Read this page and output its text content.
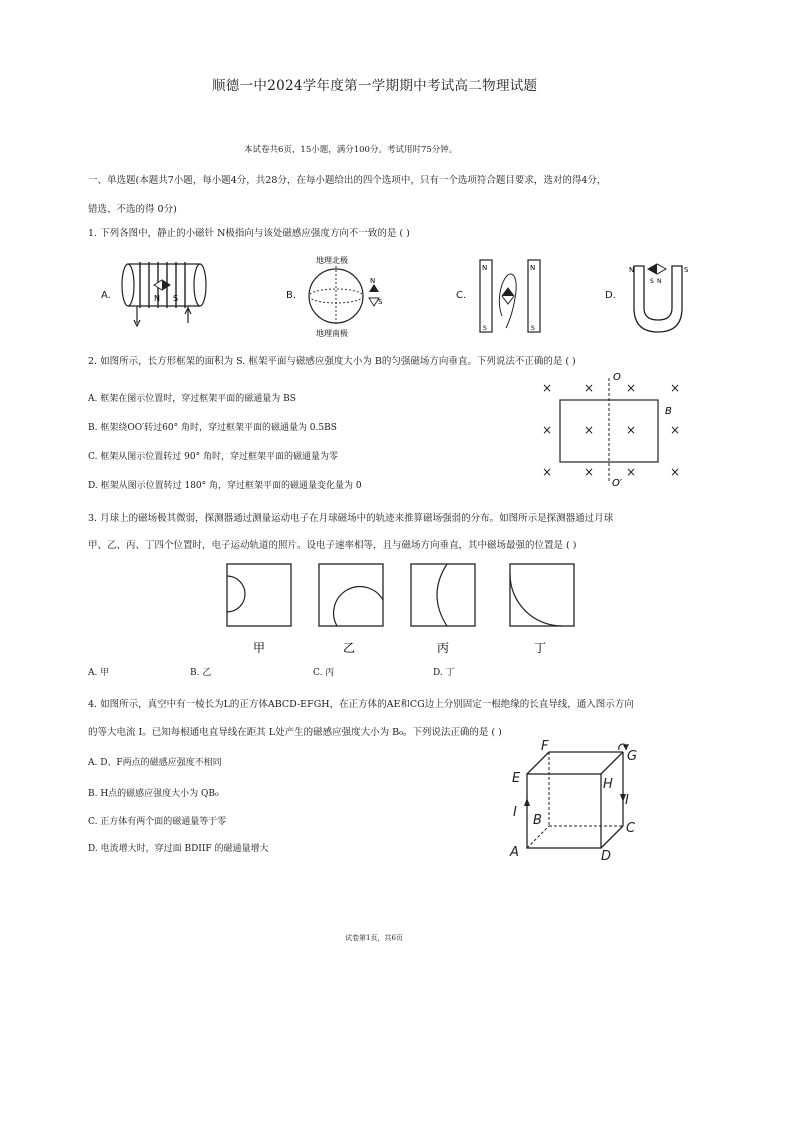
顺德一中2024学年度第一学期期中考试高二物理试题
本试卷共6页，15小题，满分100分。考试用时75分钟。
一、单选题(本题共7小题，每小题4分，共28分，在每小题给出的四个选项中，只有一个选项符合题目要求，选对的得4分，
错选、不选的得 0分)
1. 下列各图中，静止的小磁针 N极指向与该处磁感应强度方向不一致的是 ( )
A.	N S	B.
地理北极
N
S
地理南极
C.
N
S
N
S
D.
N	S
S N
2. 如图所示，长方形框架的面积为 S. 框架平面与磁感应强度大小为 B的匀强磁场方向垂直。下列说法不正确的是 ( )
A. 框架在图示位置时，穿过框架平面的磁通量为 BS
B. 框架绕OO′转过60° 角时，穿过框架平面的磁通量为 0.5BS
C. 框架从图示位置转过 90° 角时，穿过框架平面的磁通量为零
D. 框架从图示位置转过 180° 角，穿过框架平面的磁通量变化量为 0
×	×	×	×
×	×	×	×
×	×	×	×
O
O′
B
3. 月球上的磁场极其微弱，探测器通过测量运动电子在月球磁场中的轨迹来推算磁场强弱的分布。如图所示是探测器通过月球
甲、乙、丙、丁四个位置时，电子运动轨道的照片。设电子速率相等，且与磁场方向垂直，其中磁场最强的位置是 ( )
甲	乙	丙	丁
A. 甲	B. 乙	C. 丙	D. 丁
4. 如图所示，真空中有一棱长为L的正方体ABCD-EFGH，在正方体的AE和CG边上分别固定一根绝缘的长直导线，通入图示方向
的等大电流 I。已知每根通电直导线在距其 L处产生的磁感应强度大小为 B₀。下列说法正确的是 ( )
A. D、F两点的磁感应强度不相同
B. H点的磁感应强度大小为 QB₀
C. 正方体有两个面的磁通量等于零
D. 电流增大时，穿过面 BDIIF 的磁通量增大	A
B
C
D
E
F
G
H
I
I
试卷第1页，共6页
